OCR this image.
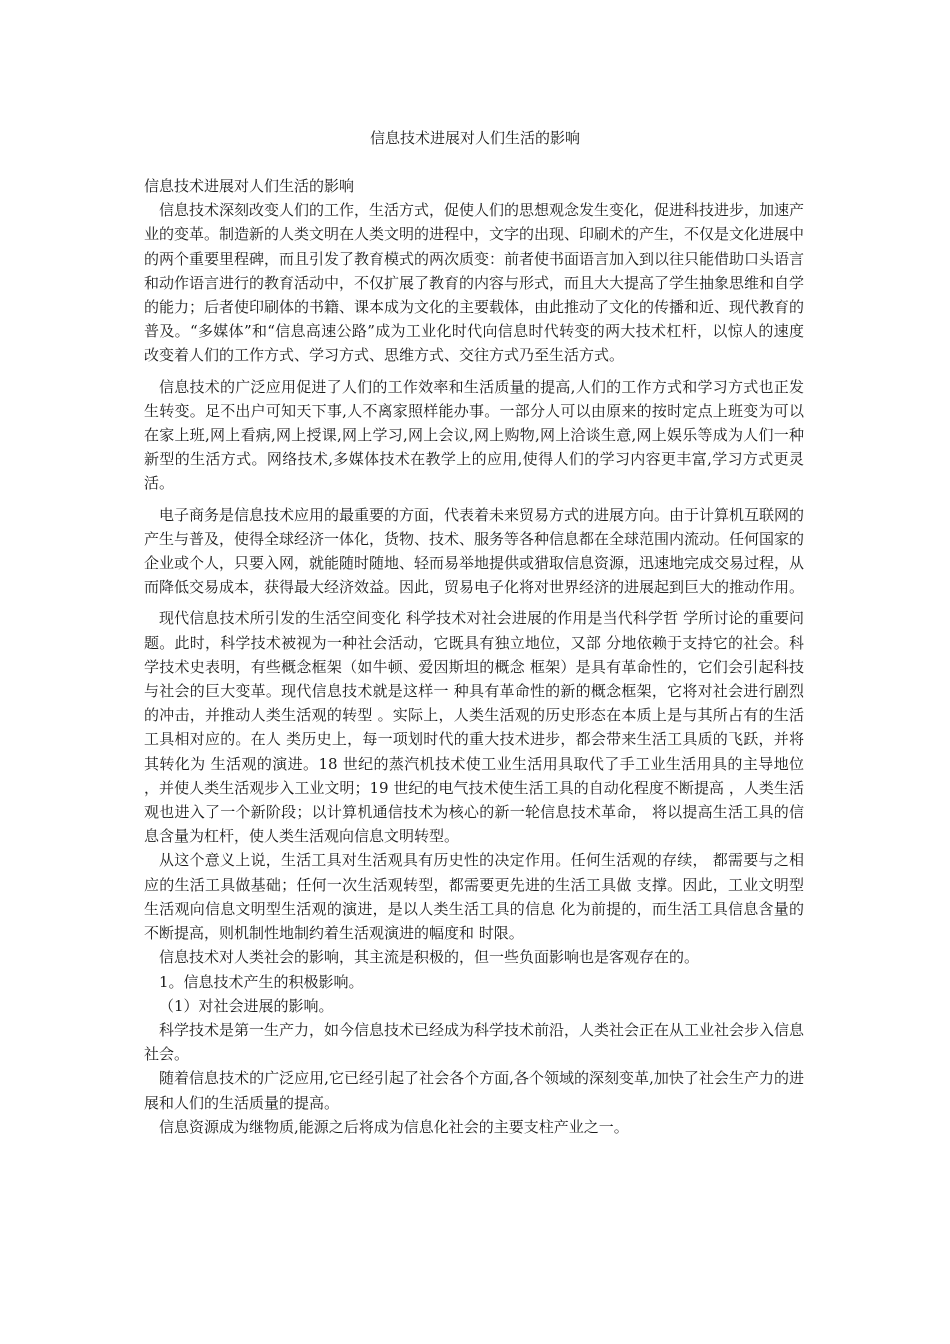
信息技术进展对人们生活的影响

信息技术进展对人们生活的影响

信息技术深刻改变人们的工作，生活方式，促使人们的思想观念发生变化，促进科技进步，加速产业的变革。制造新的人类文明在人类文明的进程中，文字的出现、印刷术的产生，不仅是文化进展中的两个重要里程碑，而且引发了教育模式的两次质变：前者使书面语言加入到以往只能借助口头语言和动作语言进行的教育活动中，不仅扩展了教育的内容与形式，而且大大提高了学生抽象思维和自学的能力；后者使印刷体的书籍、课本成为文化的主要载体，由此推动了文化的传播和近、现代教育的普及。“多媒体”和“信息高速公路”成为工业化时代向信息时代转变的两大技术杠杆，以惊人的速度改变着人们的工作方式、学习方式、思维方式、交往方式乃至生活方式。

信息技术的广泛应用促进了人们的工作效率和生活质量的提高,人们的工作方式和学习方式也正发生转变。足不出户可知天下事,人不离家照样能办事。一部分人可以由原来的按时定点上班变为可以在家上班,网上看病,网上授课,网上学习,网上会议,网上购物,网上洽谈生意,网上娱乐等成为人们一种新型的生活方式。网络技术,多媒体技术在教学上的应用,使得人们的学习内容更丰富,学习方式更灵活。

电子商务是信息技术应用的最重要的方面，代表着未来贸易方式的进展方向。由于计算机互联网的产生与普及，使得全球经济一体化，货物、技术、服务等各种信息都在全球范围内流动。任何国家的企业或个人，只要入网，就能随时随地、轻而易举地提供或猎取信息资源，迅速地完成交易过程，从而降低交易成本，获得最大经济效益。因此，贸易电子化将对世界经济的进展起到巨大的推动作用。

现代信息技术所引发的生活空间变化 科学技术对社会进展的作用是当代科学哲 学所讨论的重要问题。此时，科学技术被视为一种社会活动，它既具有独立地位，又部 分地依赖于支持它的社会。科学技术史表明，有些概念框架（如牛顿、爱因斯坦的概念 框架）是具有革命性的，它们会引起科技与社会的巨大变革。现代信息技术就是这样一 种具有革命性的新的概念框架，它将对社会进行剧烈的冲击，并推动人类生活观的转型 。实际上，人类生活观的历史形态在本质上是与其所占有的生活工具相对应的。在人 类历史上，每一项划时代的重大技术进步，都会带来生活工具质的飞跃，并将其转化为 生活观的演进。18 世纪的蒸汽机技术使工业生活用具取代了手工业生活用具的主导地位 ，并使人类生活观步入工业文明；19 世纪的电气技术使生活工具的自动化程度不断提高 ，人类生活观也进入了一个新阶段；以计算机通信技术为核心的新一轮信息技术革命， 将以提高生活工具的信息含量为杠杆，使人类生活观向信息文明转型。

从这个意义上说，生活工具对生活观具有历史性的决定作用。任何生活观的存续， 都需要与之相应的生活工具做基础；任何一次生活观转型，都需要更先进的生活工具做 支撑。因此，工业文明型生活观向信息文明型生活观的演进，是以人类生活工具的信息 化为前提的，而生活工具信息含量的不断提高，则机制性地制约着生活观演进的幅度和 时限。

信息技术对人类社会的影响，其主流是积极的，但一些负面影响也是客观存在的。

1。信息技术产生的积极影响。

（1）对社会进展的影响。

科学技术是第一生产力，如今信息技术已经成为科学技术前沿，人类社会正在从工业社会步入信息社会。

随着信息技术的广泛应用,它已经引起了社会各个方面,各个领域的深刻变革,加快了社会生产力的进展和人们的生活质量的提高。

信息资源成为继物质,能源之后将成为信息化社会的主要支柱产业之一。
